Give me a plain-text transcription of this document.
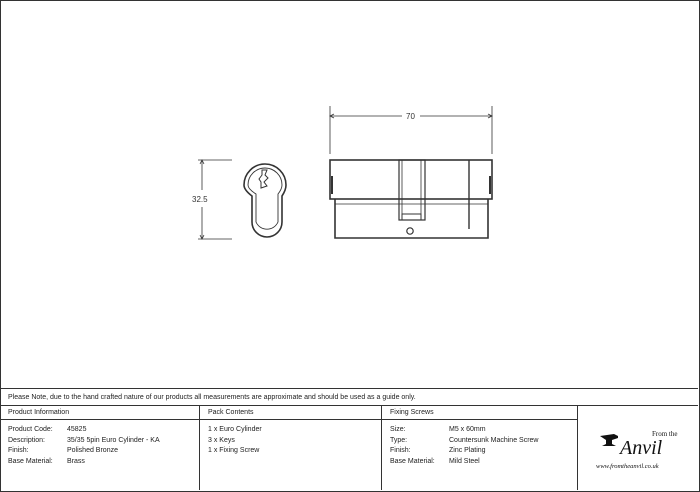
32.5
70
Please Note, due to the hand crafted nature of our products all measurements are approximate and should be used as a guide only.
Product Information
Product Code: 45825
Description:	35/35 5pin Euro Cylinder - KA
Finish:	Polished Bronze
Base Material: Brass
Pack Contents
1 x Euro Cylinder
3 x Keys
1 x Fixing Screw
Fixing Screws
Size:	M5 x 60mm
Type:	Countersunk Machine Screw
Finish:	Zinc Plating
Base Material: Mild Steel
From the
Anvil
www.fromtheanvil.co.uk
